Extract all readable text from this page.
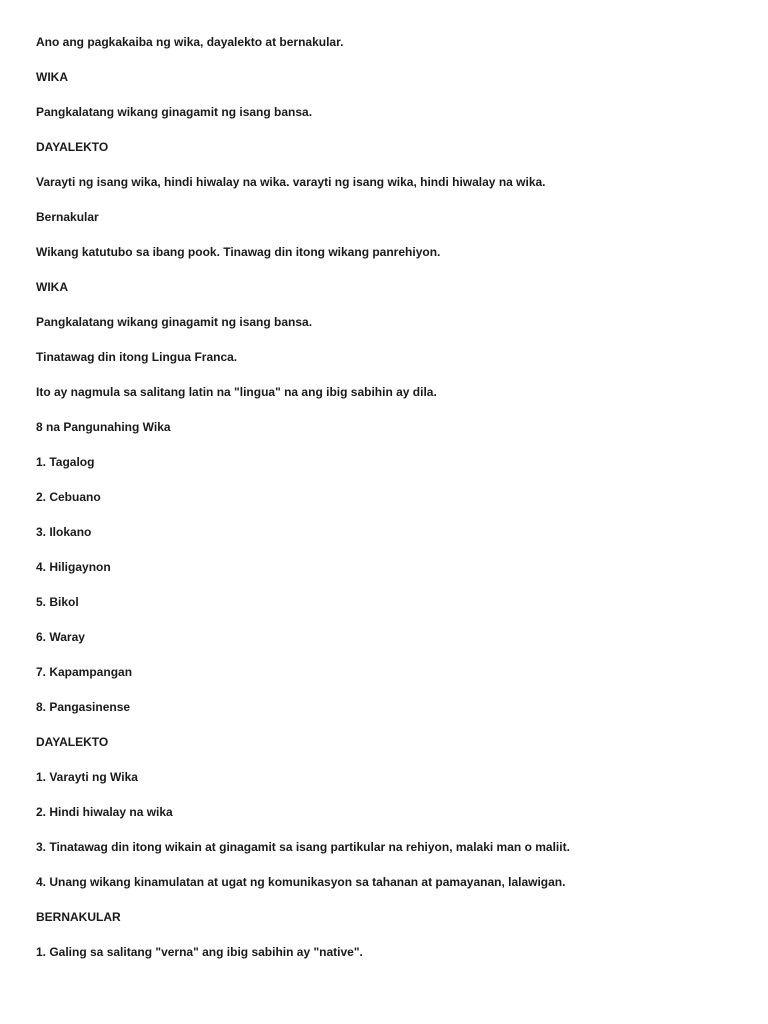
Ano ang pagkakaiba ng wika, dayalekto at bernakular.
WIKA
Pangkalatang wikang ginagamit ng isang bansa.
DAYALEKTO
Varayti ng isang wika, hindi hiwalay na wika. varayti ng isang wika, hindi hiwalay na wika.
Bernakular
Wikang katutubo sa ibang pook. Tinawag din itong wikang panrehiyon.
WIKA
Pangkalatang wikang ginagamit ng isang bansa.
Tinatawag din itong Lingua Franca.
Ito ay nagmula sa salitang latin na "lingua" na ang ibig sabihin ay dila.
8 na Pangunahing Wika
1. Tagalog
2. Cebuano
3. Ilokano
4. Hiligaynon
5. Bikol
6. Waray
7. Kapampangan
8. Pangasinense
DAYALEKTO
1. Varayti ng Wika
2. Hindi hiwalay na wika
3. Tinatawag din itong wikain at ginagamit sa isang partikular na rehiyon, malaki man o maliit.
4. Unang wikang kinamulatan at ugat ng komunikasyon sa tahanan at pamayanan, lalawigan.
BERNAKULAR
1. Galing sa salitang "verna" ang ibig sabihin ay "native".
